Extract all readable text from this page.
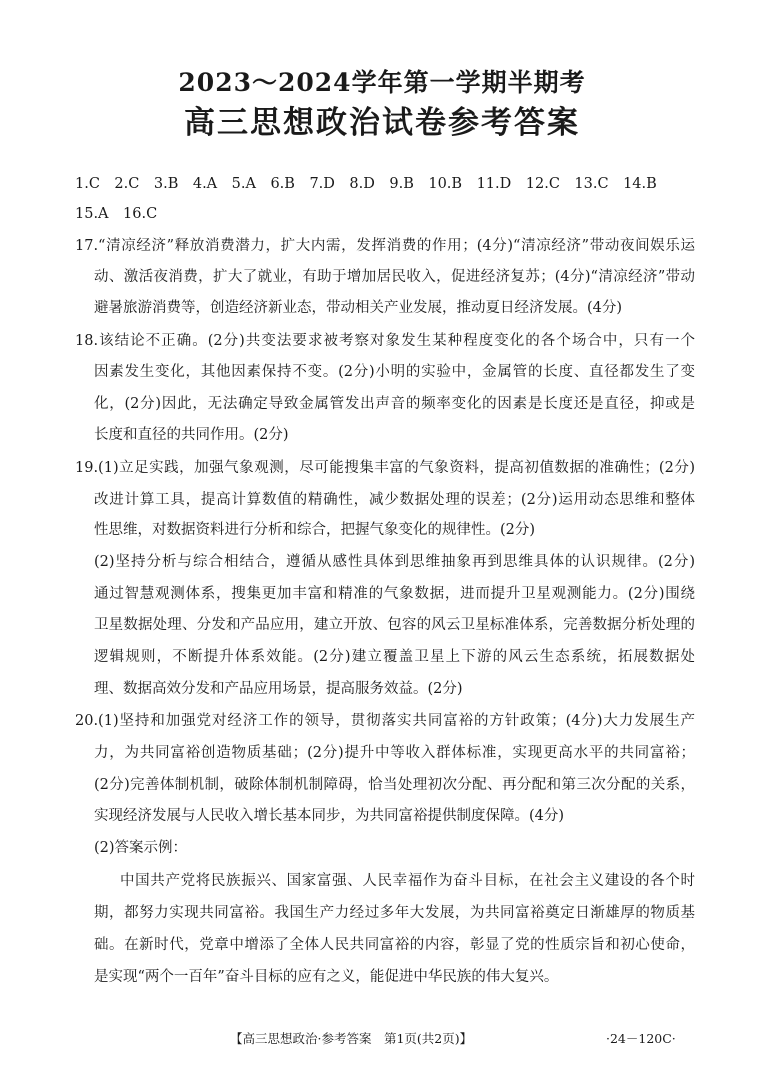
2023～2024学年第一学期半期考
高三思想政治试卷参考答案
1.C　2.C　3.B　4.A　5.A　6.B　7.D　8.D　9.B　10.B　11.D　12.C　13.C　14.B
15.A　16.C
17.“清凉经济”释放消费潜力，扩大内需，发挥消费的作用；(4分)“清凉经济”带动夜间娱乐运
动、激活夜消费，扩大了就业，有助于增加居民收入，促进经济复苏；(4分)“清凉经济”带动
避暑旅游消费等，创造经济新业态，带动相关产业发展，推动夏日经济发展。(4分)
18.该结论不正确。(2分)共变法要求被考察对象发生某种程度变化的各个场合中，只有一个
因素发生变化，其他因素保持不变。(2分)小明的实验中，金属管的长度、直径都发生了变
化，(2分)因此，无法确定导致金属管发出声音的频率变化的因素是长度还是直径，抑或是
长度和直径的共同作用。(2分)
19.(1)立足实践，加强气象观测，尽可能搜集丰富的气象资料，提高初值数据的准确性；(2分)
改进计算工具，提高计算数值的精确性，减少数据处理的误差；(2分)运用动态思维和整体
性思维，对数据资料进行分析和综合，把握气象变化的规律性。(2分)
(2)坚持分析与综合相结合，遵循从感性具体到思维抽象再到思维具体的认识规律。(2分)
通过智慧观测体系，搜集更加丰富和精准的气象数据，进而提升卫星观测能力。(2分)围绕
卫星数据处理、分发和产品应用，建立开放、包容的风云卫星标准体系，完善数据分析处理的
逻辑规则，不断提升体系效能。(2分)建立覆盖卫星上下游的风云生态系统，拓展数据处
理、数据高效分发和产品应用场景，提高服务效益。(2分)
20.(1)坚持和加强党对经济工作的领导，贯彻落实共同富裕的方针政策；(4分)大力发展生产
力，为共同富裕创造物质基础；(2分)提升中等收入群体标准，实现更高水平的共同富裕；
(2分)完善体制机制，破除体制机制障碍，恰当处理初次分配、再分配和第三次分配的关系，
实现经济发展与人民收入增长基本同步，为共同富裕提供制度保障。(4分)
(2)答案示例：
中国共产党将民族振兴、国家富强、人民幸福作为奋斗目标，在社会主义建设的各个时
期，都努力实现共同富裕。我国生产力经过多年大发展，为共同富裕奠定日渐雄厚的物质基
础。在新时代，党章中增添了全体人民共同富裕的内容，彰显了党的性质宗旨和初心使命，
是实现“两个一百年”奋斗目标的应有之义，能促进中华民族的伟大复兴。
【高三思想政治·参考答案　第1页(共2页)】	·24－120C·
